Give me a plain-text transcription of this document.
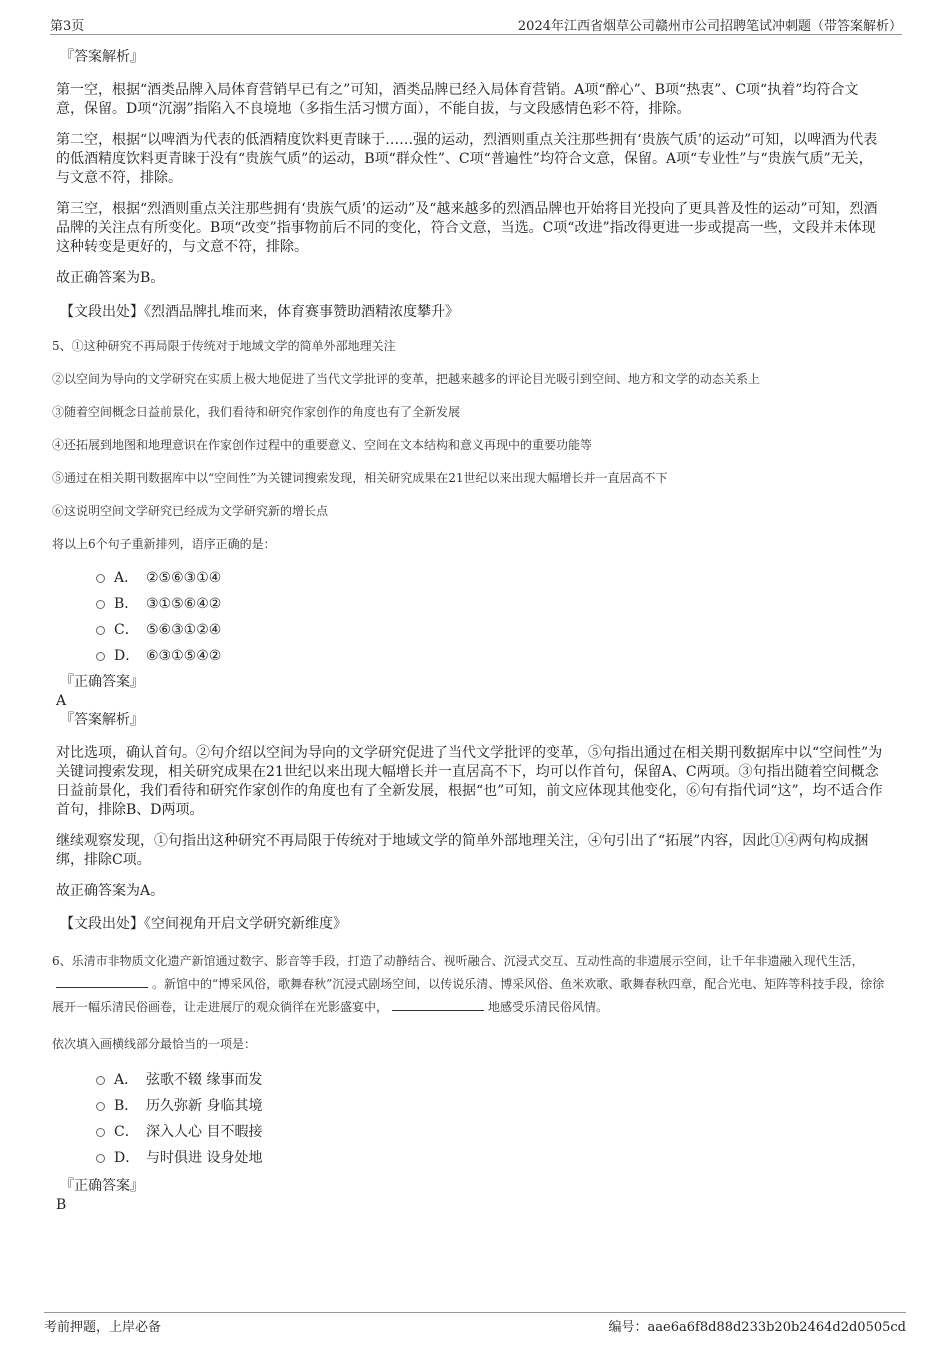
第3页	2024年江西省烟草公司赣州市公司招聘笔试冲刺题（带答案解析）

『答案解析』

第一空，根据“酒类品牌入局体育营销早已有之”可知，酒类品牌已经入局体育营销。A项“醉心”、B项“热衷”、C项“执着”均符合文意，保留。D项“沉溺”指陷入不良境地（多指生活习惯方面），不能自拔，与文段感情色彩不符，排除。

第二空，根据“以啤酒为代表的低酒精度饮料更青睐于……强的运动，烈酒则重点关注那些拥有‘贵族气质’的运动”可知，以啤酒为代表的低酒精度饮料更青睐于没有“贵族气质”的运动，B项“群众性”、C项“普遍性”均符合文意，保留。A项“专业性”与“贵族气质”无关，与文意不符，排除。

第三空，根据“烈酒则重点关注那些拥有‘贵族气质’的运动”及“越来越多的烈酒品牌也开始将目光投向了更具普及性的运动”可知，烈酒品牌的关注点有所变化。B项“改变”指事物前后不同的变化，符合文意，当选。C项“改进”指改得更进一步或提高一些，文段并未体现这种转变是更好的，与文意不符，排除。

故正确答案为B。

【文段出处】《烈酒品牌扎堆而来，体育赛事赞助酒精浓度攀升》

5、①这种研究不再局限于传统对于地域文学的简单外部地理关注

②以空间为导向的文学研究在实质上极大地促进了当代文学批评的变革，把越来越多的评论目光吸引到空间、地方和文学的动态关系上

③随着空间概念日益前景化，我们看待和研究作家创作的角度也有了全新发展

④还拓展到地图和地理意识在作家创作过程中的重要意义、空间在文本结构和意义再现中的重要功能等

⑤通过在相关期刊数据库中以“空间性”为关键词搜索发现，相关研究成果在21世纪以来出现大幅增长并一直居高不下

⑥这说明空间文学研究已经成为文学研究新的增长点

将以上6个句子重新排列，语序正确的是：

A． ②⑤⑥③①④
B． ③①⑤⑥④②
C． ⑤⑥③①②④
D． ⑥③①⑤④②

『正确答案』

A

『答案解析』

对比选项，确认首句。②句介绍以空间为导向的文学研究促进了当代文学批评的变革，⑤句指出通过在相关期刊数据库中以“空间性”为关键词搜索发现，相关研究成果在21世纪以来出现大幅增长并一直居高不下，均可以作首句，保留A、C两项。③句指出随着空间概念日益前景化，我们看待和研究作家创作的角度也有了全新发展，根据“也”可知，前文应体现其他变化，⑥句有指代词“这”，均不适合作首句，排除B、D两项。

继续观察发现，①句指出这种研究不再局限于传统对于地域文学的简单外部地理关注，④句引出了“拓展”内容，因此①④两句构成捆绑，排除C项。

故正确答案为A。

【文段出处】《空间视角开启文学研究新维度》

6、乐清市非物质文化遗产新馆通过数字、影音等手段，打造了动静结合、视听融合、沉浸式交互、互动性高的非遗展示空间，让千年非遗融入现代生活，。新馆中的“博采风俗，歌舞春秋”沉浸式剧场空间，以传说乐清、博采风俗、鱼米欢歌、歌舞春秋四章，配合光电、矩阵等科技手段，徐徐展开一幅乐清民俗画卷，让走进展厅的观众徜徉在光影盛宴中，	地感受乐清民俗风情。

依次填入画横线部分最恰当的一项是：

A． 弦歌不辍 缘事而发
B． 历久弥新 身临其境
C． 深入人心 目不暇接
D． 与时俱进 设身处地

『正确答案』

B

考前押题，上岸必备	编号：aae6a6f8d88d233b20b2464d2d0505cd
